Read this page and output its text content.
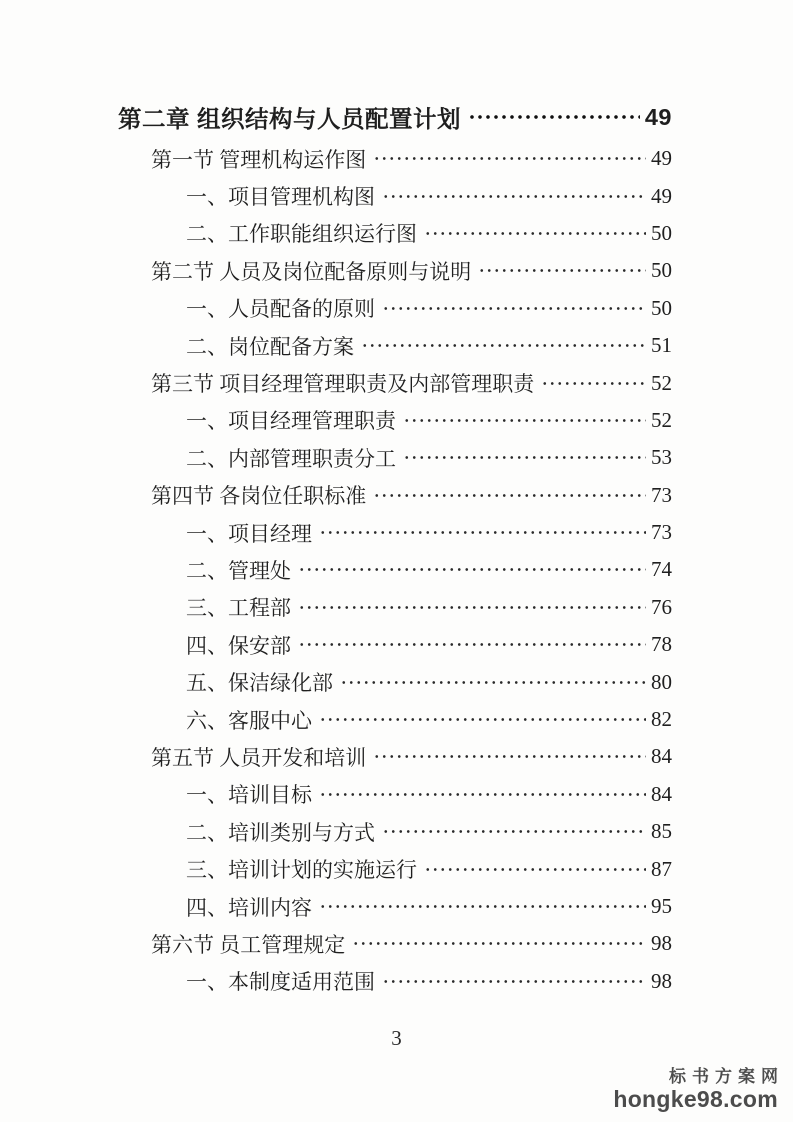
第二章 组织结构与人员配置计划	49
第一节 管理机构运作图	49
一、项目管理机构图	49
二、工作职能组织运行图	50
第二节 人员及岗位配备原则与说明	50
一、人员配备的原则	50
二、岗位配备方案	51
第三节 项目经理管理职责及内部管理职责	52
一、项目经理管理职责	52
二、内部管理职责分工	53
第四节 各岗位任职标准	73
一、项目经理	73
二、管理处	74
三、工程部	76
四、保安部	78
五、保洁绿化部	80
六、客服中心	82
第五节 人员开发和培训	84
一、培训目标	84
二、培训类别与方式	85
三、培训计划的实施运行	87
四、培训内容	95
第六节 员工管理规定	98
一、本制度适用范围	98
3
标书方案网
hongke98.com
